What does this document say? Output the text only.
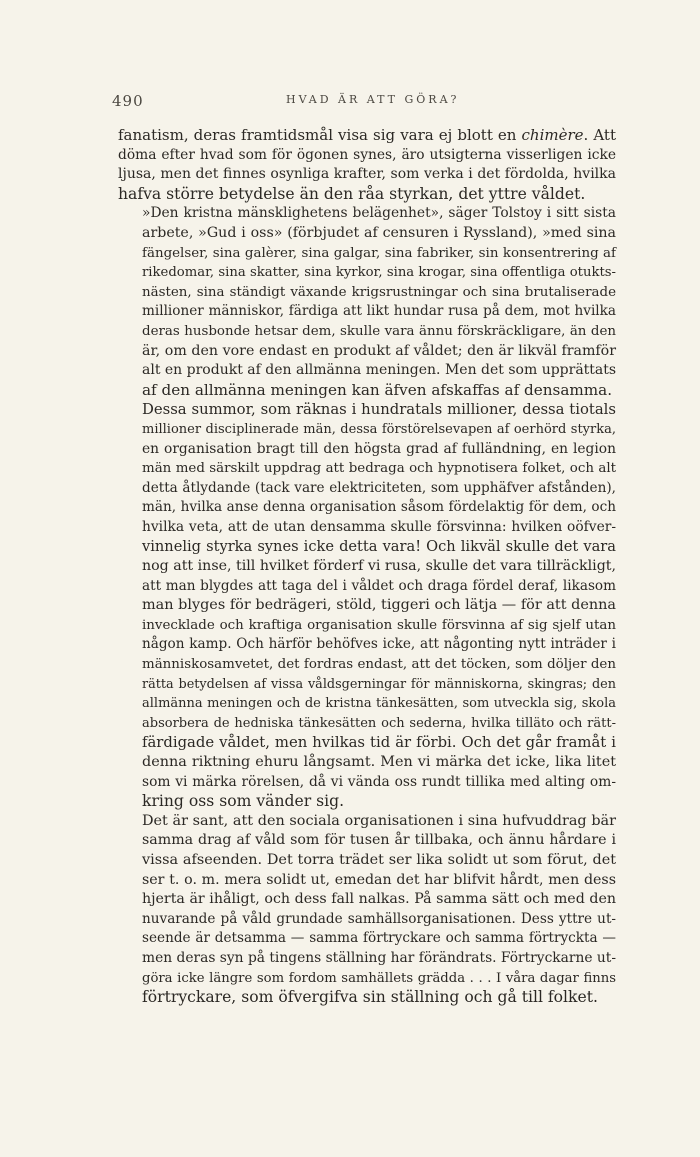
490	HVAD ÄR ATT GÖRA?

fanatism, deras framtidsmål visa sig vara ej blott en chimère. Att
döma efter hvad som för ögonen synes, äro utsigterna visserligen icke
ljusa, men det finnes osynliga krafter, som verka i det fördolda, hvilka
hafva större betydelse än den råa styrkan, det yttre våldet.

»Den kristna mänsklighetens belägenhet», säger Tolstoy i sitt sista
arbete, »Gud i oss» (förbjudet af censuren i Ryssland), »med sina
fängelser, sina galèrer, sina galgar, sina fabriker, sin konsentrering af
rikedomar, sina skatter, sina kyrkor, sina krogar, sina offentliga otukts-
nästen, sina ständigt växande krigsrustningar och sina brutaliserade
millioner människor, färdiga att likt hundar rusa på dem, mot hvilka
deras husbonde hetsar dem, skulle vara ännu förskräckligare, än den
är, om den vore endast en produkt af våldet; den är likväl framför
alt en produkt af den allmänna meningen. Men det som upprättats
af den allmänna meningen kan äfven afskaffas af densamma.

Dessa summor, som räknas i hundratals millioner, dessa tiotals
millioner disciplinerade män, dessa förstörelsevapen af oerhörd styrka,
en organisation bragt till den högsta grad af fulländning, en legion
män med särskilt uppdrag att bedraga och hypnotisera folket, och alt
detta åtlydande (tack vare elektriciteten, som upphäfver afstånden),
män, hvilka anse denna organisation såsom fördelaktig för dem, och
hvilka veta, att de utan densamma skulle försvinna: hvilken oöfver-
vinnelig styrka synes icke detta vara! Och likväl skulle det vara
nog att inse, till hvilket förderf vi rusa, skulle det vara tillräckligt,
att man blygdes att taga del i våldet och draga fördel deraf, likasom
man blyges för bedrägeri, stöld, tiggeri och lätja — för att denna
invecklade och kraftiga organisation skulle försvinna af sig sjelf utan
någon kamp. Och härför behöfves icke, att någonting nytt inträder i
människosamvetet, det fordras endast, att det töcken, som döljer den
rätta betydelsen af vissa våldsgerningar för människorna, skingras; den
allmänna meningen och de kristna tänkesätten, som utveckla sig, skola
absorbera de hedniska tänkesätten och sederna, hvilka tilläto och rätt-
färdigade våldet, men hvilkas tid är förbi. Och det går framåt i
denna riktning ehuru långsamt. Men vi märka det icke, lika litet
som vi märka rörelsen, då vi vända oss rundt tillika med alting om-
kring oss som vänder sig.

Det är sant, att den sociala organisationen i sina hufvuddrag bär
samma drag af våld som för tusen år tillbaka, och ännu hårdare i
vissa afseenden. Det torra trädet ser lika solidt ut som förut, det
ser t. o. m. mera solidt ut, emedan det har blifvit hårdt, men dess
hjerta är ihåligt, och dess fall nalkas. På samma sätt och med den
nuvarande på våld grundade samhällsorganisationen. Dess yttre ut-
seende är detsamma — samma förtryckare och samma förtryckta —
men deras syn på tingens ställning har förändrats. Förtryckarne ut-
göra icke längre som fordom samhällets grädda . . . I våra dagar finns
förtryckare, som öfvergifva sin ställning och gå till folket.
